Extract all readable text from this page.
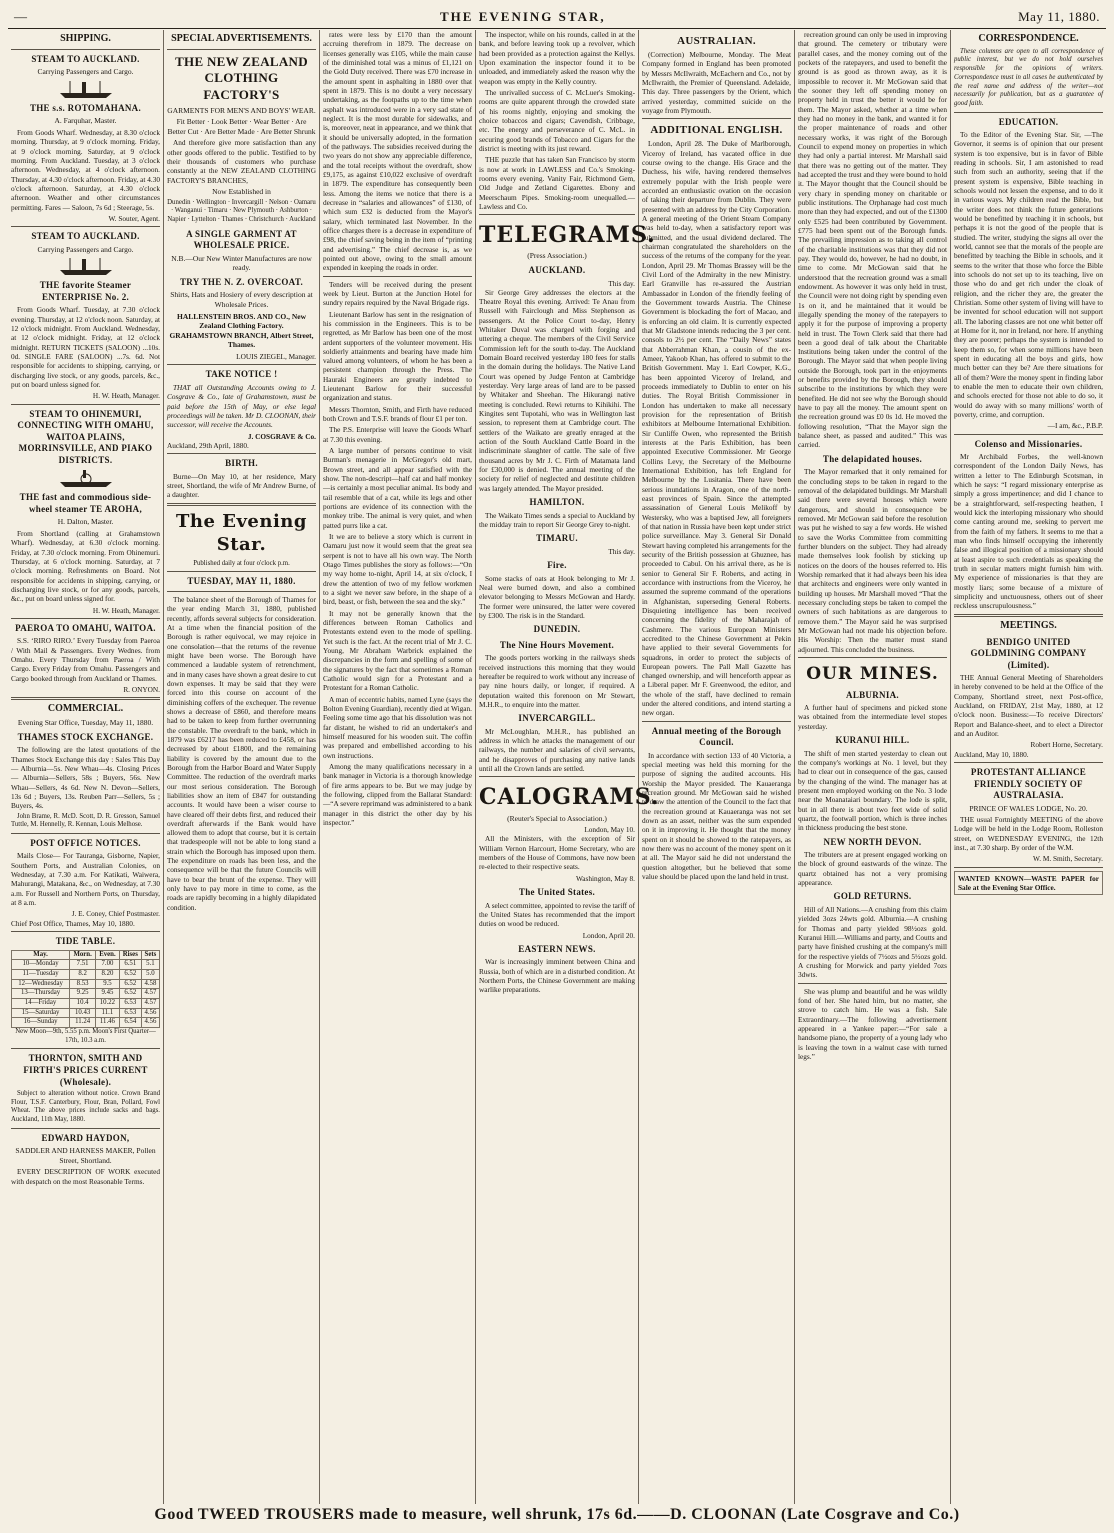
—	THE EVENING STAR,	May 11, 1880.
SHIPPING.
STEAM TO AUCKLAND.
Carrying Passengers and Cargo.
THE s.s. ROTOMAHANA.
A. Farquhar, Master.

From Goods Wharf. Wednesday, at 8.30 o'clock morning. Thursday, at 9 o'clock morning. Friday, at 9 o'clock morning. Saturday, at 9 o'clock morning. From Auckland. Tuesday, at 3 o'clock afternoon. Wednesday, at 4 o'clock afternoon. Thursday, at 4.30 o'clock afternoon. Friday, at 4.30 o'clock afternoon. Saturday, at 4.30 o'clock afternoon. Weather and other circumstances permitting. Fares — Saloon, 7s 6d ; Steerage, 5s.

W. Souter, Agent.
STEAM TO AUCKLAND.
Carrying Passengers and Cargo.
THE favorite Steamer ENTERPRISE No. 2.

From Goods Wharf. Tuesday, at 7.30 o'clock evening. Thursday, at 12 o'clock noon. Saturday, at 12 o'clock midnight. From Auckland. Wednesday, at 12 o'clock midnight. Friday, at 12 o'clock midnight. RETURN TICKETS (SALOON) ...10s. 0d. SINGLE FARE (SALOON) ...7s. 6d. Not responsible for accidents to shipping, carrying, or discharging live stock, or any goods, parcels, &c., put on board unless signed for.

H. W. Heath, Manager.
STEAM TO OHINEMURI, CONNECTING WITH OMAHU, WAITOA PLAINS, MORRINSVILLE, AND PIAKO DISTRICTS.
THE fast and commodious side-wheel steamer TE AROHA,
H. Dalton, Master.

From Shortland (calling at Grahamstown Wharf). Wednesday, at 6.30 o'clock morning. Friday, at 7.30 o'clock morning. From Ohinemuri. Thursday, at 6 o'clock morning. Saturday, at 7 o'clock morning. Refreshments on Board. Not responsible for accidents in shipping, carrying, or discharging live stock, or for any goods, parcels, &c., put on board unless signed for.

H. W. Heath, Manager.
PAEROA TO OMAHU, WAITOA.

S.S. ‘RIRO RIRO.’ Every Tuesday from Paeroa / With Mail & Passengers. Every Wednes. from Omahu. Every Thursday from Paeroa / With Cargo. Every Friday from Omahu. Passengers and Cargo booked through from Auckland or Thames.

R. ONYON.
COMMERCIAL.
Evening Star Office, Tuesday, May 11, 1880.
THAMES STOCK EXCHANGE.

The following are the latest quotations of the Thames Stock Exchange this day : Sales This Day— Alburnia—5s. New Whau—4s. Closing Prices— Alburnia—Sellers, 58s ; Buyers, 56s. New Whau—Sellers, 4s 6d. New N. Devon—Sellers, 13s 6d ; Buyers, 13s. Reuben Parr—Sellers, 5s ; Buyers, 4s.

John Brame, R. McD. Scott, D. R. Gresson, Samuel Tuttle, M. Hennelly, R. Kennan, Louis Melhose.

POST OFFICE NOTICES.

Mails Close— For Tauranga, Gisborne, Napier, Southern Ports, and Australian Colonies, on Wednesday, at 7.30 a.m. For Katikati, Waiwera, Mahurangi, Matakana, &c., on Wednesday, at 7.30 a.m. For Russell and Northern Ports, on Thursday, at 8 a.m.

J. E. Coney, Chief Postmaster.
Chief Post Office, Thames, May 10, 1880.
TIDE TABLE.
May.	Morn.	Even.	Rises	Sets
10—Monday	7.51	7.00	6.51	5.1
11—Tuesday	8.2	8.20	6.52	5.0
12—Wednesday	8.53	9.5	6.52	4.58
13—Thursday	9.25	9.45	6.52	4.57
14—Friday	10.4	10.22	6.53	4.57
15—Saturday	10.43	11.1	6.53	4.56
16—Sunday	11.24	11.46	6.54	4.56
New Moon—9th, 5.55 p.m. Moon's First Quarter—17th, 10.3 a.m.
THORNTON, SMITH AND FIRTH'S PRICES CURRENT (Wholesale).

Subject to alteration without notice. Crown Brand Flour, T.S.F. Canterbury, Flour, Bran, Pollard, Fowl Wheat. The above prices include sacks and bags. Auckland, 11th May, 1880.

EDWARD HAYDON,
SADDLER AND HARNESS MAKER, Pollen Street, Shortland.

EVERY DESCRIPTION OF WORK executed with despatch on the most Reasonable Terms.

SPECIAL ADVERTISEMENTS.
THE NEW ZEALAND CLOTHING FACTORY'S
GARMENTS FOR MEN'S AND BOYS' WEAR.
Fit Better · Look Better · Wear Better · Are Better Cut · Are Better Made · Are Better Shrunk

And therefore give more satisfaction than any other goods offered to the public. Testified to by their thousands of customers who purchase constantly at the NEW ZEALAND CLOTHING FACTORY'S BRANCHES,

Now Established in
Dunedin · Wellington · Invercargill · Nelson · Oamaru · Wanganui · Timaru · New Plymouth · Ashburton · Napier · Lyttelton · Thames · Christchurch · Auckland
A SINGLE GARMENT AT WHOLESALE PRICE.
N.B.—Our New Winter Manufactures are now ready.
TRY THE N. Z. OVERCOAT.
Shirts, Hats and Hosiery of every description at Wholesale Prices.
HALLENSTEIN BROS. AND CO., New Zealand Clothing Factory. GRAHAMSTOWN BRANCH, Albert Street, Thames.
LOUIS ZIEGEL, Manager.
TAKE NOTICE !

THAT all Outstanding Accounts owing to J. Cosgrave & Co., late of Grahamstown, must be paid before the 15th of May, or else legal proceedings will be taken. Mr D. CLOONAN, their successor, will receive the Accounts.

J. COSGRAVE & Co.
Auckland, 29th April, 1880.
BIRTH.

Burne—On May 10, at her residence, Mary street, Shortland, the wife of Mr Andrew Burne, of a daughter.

The Evening Star.
Published daily at four o'clock p.m.
TUESDAY, MAY 11, 1880.

The balance sheet of the Borough of Thames for the year ending March 31, 1880, published recently, affords several subjects for consideration. At a time when the financial position of the Borough is rather equivocal, we may rejoice in one consolation—that the returns of the revenue might have been worse. The Borough have commenced a laudable system of retrenchment, and in many cases have shown a great desire to cut down expenses. It may be said that they were forced into this course on account of the diminishing coffers of the exchequer. The revenue shows a decrease of £860, and therefore means had to be taken to keep from further overrunning the constable. The overdraft to the bank, which in 1879 was £6217 has been reduced to £458, or has decreased by about £1800, and the remaining liability is covered by the amount due to the Borough from the Harbor Board and Water Supply Committee. The reduction of the overdraft marks our most serious consideration. The Borough liabilities show an item of £847 for outstanding accounts. It would have been a wiser course to have cleared off their debts first, and reduced their overdraft afterwards if the Bank would have allowed them to adopt that course, but it is certain that tradespeople will not be able to long stand a strain which the Borough has imposed upon them. The expenditure on roads has been less, and the consequence will be that the future Councils will have to bear the brunt of the expense. They will only have to pay more in time to come, as the roads are rapidly becoming in a highly dilapidated condition.

rates were less by £170 than the amount accruing therefrom in 1879. The decrease on licenses generally was £105, while the main cause of the diminished total was a minus of £1,121 on the Gold Duty received. There was £70 increase in the amount spent in asphalting in 1880 over that spent in 1879. This is no doubt a very necessary undertaking, as the footpaths up to the time when asphalt was introduced were in a very sad state of neglect. It is the most durable for sidewalks, and is, moreover, neat in appearance, and we think that it should be universally adopted, in the formation of the pathways. The subsidies received during the two years do not show any appreciable difference, and the total receipts without the overdraft, show £9,175, as against £10,022 exclusive of overdraft in 1879. The expenditure has consequently been less. Among the items we notice that there is a decrease in “salaries and allowances” of £130, of which sum £32 is deducted from the Mayor's salary, which terminated last November. In the office charges there is a decrease in expenditure of £98, the chief saving being in the item of “printing and advertising.” The chief decrease is, as we pointed out above, owing to the small amount expended in keeping the roads in order.

Tenders will be received during the present week by Lieut. Burton at the Junction Hotel for sundry repairs required by the Naval Brigade rigs.

Lieutenant Barlow has sent in the resignation of his commission in the Engineers. This is to be regretted, as Mr Barlow has been one of the most ardent supporters of the volunteer movement. His soldierly attainments and bearing have made him valued among volunteers, of whom he has been a persistent champion through the Press. The Hauraki Engineers are greatly indebted to Lieutenant Barlow for their successful organization and status.

Messrs Thornton, Smith, and Firth have reduced both Crown and T.S.F. brands of flour £1 per ton.

The P.S. Enterprise will leave the Goods Wharf at 7.30 this evening.

A large number of persons continue to visit Burman's menagerie in McGregor's old mart, Brown street, and all appear satisfied with the show. The non-descript—half cat and half monkey—is certainly a most peculiar animal. Its body and tail resemble that of a cat, while its legs and other portions are evidence of its connection with the monkey tribe. The animal is very quiet, and when patted purrs like a cat.

It we are to believe a story which is current in Oamaru just now it would seem that the great sea serpent is not to have all his own way. The North Otago Times publishes the story as follows:—“On my way home to-night, April 14, at six o'clock, I drew the attention of two of my fellow workmen to a sight we never saw before, in the shape of a bird, beast, or fish, between the sea and the sky.”

It may not be generally known that the differences between Roman Catholics and Protestants extend even to the mode of spelling. Yet such is the fact. At the recent trial of Mr J. C. Young, Mr Abraham Warbrick explained the discrepancies in the form and spelling of some of the signatures by the fact that sometimes a Roman Catholic would sign for a Protestant and a Protestant for a Roman Catholic.

A man of eccentric habits, named Lyne (says the Bolton Evening Guardian), recently died at Wigan. Feeling some time ago that his dissolution was not far distant, he wished to rid an undertaker's and himself measured for his wooden suit. The coffin was prepared and embellished according to his own instructions.

Among the many qualifications necessary in a bank manager in Victoria is a thorough knowledge of fire arms appears to be. But we may judge by the following, clipped from the Ballarat Standard:—“A severe reprimand was administered to a bank manager in this district the other day by his inspector.”

The inspector, while on his rounds, called in at the bank, and before leaving took up a revolver, which had been provided as a protection against the Kellys. Upon examination the inspector found it to be unloaded, and immediately asked the reason why the weapon was empty in the Kelly country.

The unrivalled success of C. McLuer's Smoking-rooms are quite apparent through the crowded state of his rooms nightly, enjoying and smoking the choice tobaccos and cigars; Cavendish, Cribbage, etc. The energy and perseverance of C. McL. in securing good brands of Tobacco and Cigars for the district is meeting with its just reward.

THE puzzle that has taken San Francisco by storm is now at work in LAWLESS and Co.'s Smoking-rooms every evening. Vanity Fair, Richmond Gem, Old Judge and Zetland Cigarettes. Ebony and Meerschaum Pipes. Smoking-room unequalled.—Lawless and Co.

TELEGRAMS.
(Press Association.)
AUCKLAND.
This day.

Sir George Grey addresses the electors at the Theatre Royal this evening. Arrived: Te Anau from Russell with Fairclough and Miss Stephenson as passengers. At the Police Court to-day, Henry Whitaker Duval was charged with forging and uttering a cheque. The members of the Civil Service Commission left for the south to-day. The Auckland Domain Board received yesterday 180 fees for stalls in the domain during the holidays. The Native Land Court was opened by Judge Fenton at Cambridge yesterday. Very large areas of land are to be passed by Whitaker and Sheehan. The Hikurangi native meeting is concluded. Rewi returns to Kihikihi. The Kingites sent Tupotahi, who was in Wellington last session, to represent them at Cambridge court. The settlers of the Waikato are greatly enraged at the action of the South Auckland Cattle Board in the indiscriminate slaughter of cattle. The sale of five thousand acres by Mr J. C. Firth of Matamata land for £30,000 is denied. The annual meeting of the society for relief of neglected and destitute children was largely attended. The Mayor presided.

HAMILTON.

The Waikato Times sends a special to Auckland by the midday train to report Sir George Grey to-night.

TIMARU.
This day.
Fire.

Some stacks of oats at Hook belonging to Mr J. Neal were burned down, and also a combined elevator belonging to Messrs McGowan and Hardy. The former were uninsured, the latter were covered by £300. The risk is in the Standard.

DUNEDIN.
The Nine Hours Movement.

The goods porters working in the railways sheds received instructions this morning that they would hereafter be required to work without any increase of pay nine hours daily, or longer, if required. A deputation waited this forenoon on Mr Stewart, M.H.R., to enquire into the matter.

INVERCARGILL.

Mr McLoughlan, M.H.R., has published an address in which he attacks the management of our railways, the number and salaries of civil servants, and he disapproves of purchasing any native lands until all the Crown lands are settled.

CALOGRAMS.
(Reuter's Special to Association.)
London, May 10.

All the Ministers, with the exception of Sir William Vernon Harcourt, Home Secretary, who are members of the House of Commons, have now been re-elected to their respective seats.

Washington, May 8.
The United States.

A select committee, appointed to revise the tariff of the United States has recommended that the import duties on wood be reduced.

London, April 20.
EASTERN NEWS.

War is increasingly imminent between China and Russia, both of which are in a disturbed condition. At Northern Ports, the Chinese Government are making warlike preparations.

AUSTRALIAN.

(Correction) Melbourne, Monday. The Meat Company formed in England has been promoted by Messrs McIlwraith, McEachern and Co., not by McIlwraith, the Premier of Queensland. Adelaide, This day. Three passengers by the Orient, which arrived yesterday, committed suicide on the voyage from Plymouth.

ADDITIONAL ENGLISH.

London, April 28. The Duke of Marlborough, Viceroy of Ireland, has vacated office in due course owing to the change. His Grace and the Duchess, his wife, having rendered themselves extremely popular with the Irish people were accorded an enthusiastic ovation on the occasion of taking their departure from Dublin. They were presented with an address by the City Corporation. A general meeting of the Orient Steam Company was held to-day, when a satisfactory report was submitted, and the usual dividend declared. The chairman congratulated the shareholders on the success of the returns of the company for the year. London, April 29. Mr Thomas Brassey will be the Civil Lord of the Admiralty in the new Ministry. Earl Granville has re-assured the Austrian Ambassador in London of the friendly feeling of the Government towards Austria. The Chinese Government is blockading the fort of Macao, and is enforcing an old claim. It is currently expected that Mr Gladstone intends reducing the 3 per cent. consols to 2½ per cent. The “Daily News” states that Abberrahman Khan, a cousin of the ex-Ameer, Yakoob Khan, has offered to submit to the British Government. May 1. Earl Cowper, K.G., has been appointed Viceroy of Ireland, and proceeds immediately to Dublin to enter on his duties. The Royal British Commissioner in London has undertaken to make all necessary provision for the representation of British exhibitors at Melbourne International Exhibition. Sir Cunliffe Owen, who represented the British interests at the Paris Exhibition, has been appointed Executive Commissioner. Mr George Collins Levy, the Secretary of the Melbourne International Exhibition, has left England for Melbourne by the Lusitania. There have been serious inundations in Aragon, one of the north-east provinces of Spain. Since the attempted assassination of General Louis Melikoff by Westersky, who was a baptised Jew, all foreigners of that nation in Russia have been kept under strict police surveillance. May 3. General Sir Donald Stewart having completed his arrangements for the security of the British possession at Ghuznee, has proceeded to Cabul. On his arrival there, as he is senior to General Sir F. Roberts, and acting in accordance with instructions from the Viceroy, he assumed the supreme command of the operations in Afghanistan, superseding General Roberts. Disquieting intelligence has been received concerning the fidelity of the Maharajah of Cashmere. The various European Ministers accredited to the Chinese Government at Pekin have applied to their several Governments for squadrons, in order to protect the subjects of European powers. The Pall Mall Gazette has changed ownership, and will henceforth appear as a Liberal paper. Mr F. Greenwood, the editor, and the whole of the staff, have declined to remain under the altered conditions, and intend starting a new organ.

Annual meeting of the Borough Council.

In accordance with section 133 of 40 Victoria, a special meeting was held this morning for the purpose of signing the audited accounts. His Worship the Mayor presided. The Kauaeranga recreation ground. Mr McGowan said he wished to draw the attention of the Council to the fact that the recreation ground at Kauaeranga was not set down as an asset, neither was the sum expended on it in improving it. He thought that the money spent on it should be showed to the ratepayers, as now there was no account of the money spent on it at all. The Mayor said he did not understand the question altogether, but he believed that some value should be placed upon the land held in trust.

recreation ground can only be used in improving that ground. The cemetery or tributary were parallel cases, and the money coming out of the pockets of the ratepayers, and used to benefit the ground is as good as thrown away, as it is impossible to recover it. Mr McGowan said that the sooner they left off spending money on property held in trust the better it would be for them. The Mayor asked, whether at a time when they had no money in the bank, and wanted it for the proper maintenance of roads and other necessary works, it was right of the Borough Council to expend money on properties in which they had only a partial interest. Mr Marshall said that there was no getting out of the matter. They had accepted the trust and they were bound to hold it. The Mayor thought that the Council should be very chary in spending money on charitable or public institutions. The Orphanage had cost much more than they had expected, and out of the £1300 only £525 had been contributed by Government. £775 had been spent out of the Borough funds. The prevailing impression as to taking all control of the charitable institutions was that they did not pay. They would do, however, he had no doubt, in time to come. Mr McGowan said that he understood that the recreation ground was a small endowment. As however it was only held in trust, the Council were not doing right by spending even 1s on it, and he maintained that it would be illegally spending the money of the ratepayers to apply it for the purpose of improving a property held in trust. The Town Clerk said that there had been a good deal of talk about the Charitable Institutions being taken under the control of the Borough. The Mayor said that when people living outside the Borough, took part in the enjoyments or benefits provided by the Borough, they should subscribe to the institutions by which they were benefited. He did not see why the Borough should have to pay all the money. The amount spent on the recreation ground was £0 0s 1d. He moved the following resolution, “That the Mayor sign the balance sheet, as passed and audited.” This was carried.

The delapidated houses.

The Mayor remarked that it only remained for the concluding steps to be taken in regard to the removal of the delapidated buildings. Mr Marshall said there were several houses which were dangerous, and should in consequence be removed. Mr McGowan said before the resolution was put he wished to say a few words. He wished to save the Works Committee from committing further blunders on the subject. They had already made themselves look foolish by sticking up notices on the doors of the houses referred to. His Worship remarked that it had always been his idea that architects and engineers were only wanted in building up houses. Mr Marshall moved “That the necessary concluding steps be taken to compel the owners of such habitations as are dangerous to remove them.” The Mayor said he was surprised Mr McGowan had not made his objection before. His Worship: Then the matter must stand adjourned. This concluded the business.

OUR MINES.
ALBURNIA.

A further haul of specimens and picked stone was obtained from the intermediate level stopes yesterday.

KURANUI HILL.

The shift of men started yesterday to clean out the company's workings at No. 1 level, but they had to clear out in consequence of the gas, caused by the changing of the wind. The manager has at present men employed working on the No. 3 lode near the Moanataiari boundary. The lode is split, but in all there is about two feet wide of solid quartz, the footwall portion, which is three inches in thickness producing the best stone.

NEW NORTH DEVON.

The tributers are at present engaged working on the block of ground eastwards of the winze. The quartz obtained has not a very promising appearance.

GOLD RETURNS.

Hill of All Nations.—A crushing from this claim yielded 3ozs 24wts gold. Alburnia.—A crushing for Thomas and party yielded 98½ozs gold. Kuranui Hill.—Williams and party, and Coutts and party have finished crushing at the company's mill for the respective yields of 7½ozs and 5½ozs gold. A crushing for Morwick and party yielded 7ozs 3dwts.

She was plump and beautiful and he was wildly fond of her. She hated him, but no matter, she strove to catch him. He was a fish. Sale Extraordinary.—The following advertisement appeared in a Yankee paper:—“For sale a handsome piano, the property of a young lady who is leaving the town in a walnut case with turned legs.”

CORRESPONDENCE.

These columns are open to all correspondence of public interest, but we do not hold ourselves responsible for the opinions of writers. Correspondence must in all cases be authenticated by the real name and address of the writer—not necessarily for publication, but as a guarantee of good faith.

EDUCATION.

To the Editor of the Evening Star. Sir, —The Governor, it seems is of opinion that our present system is too expensive, but is in favor of Bible reading in schools. Sir, I am astonished to read such from such an authority, seeing that if the present system is expensive, Bible teaching in schools would not lessen the expense, and to do it in various ways. My children read the Bible, but the writer does not think the future generations would be benefitted by teaching it in schools, but perhaps it is not the good of the people that is studied. The writer, studying the signs all over the world, cannot see that the morals of the people are benefitted by teaching the Bible in schools, and it seems to the writer that those who force the Bible into schools do not set up to its teaching, live on those who do and get rich under the cloak of religion, and the richer they are, the greater the Christian. Some other system of living will have to be invented for school education will not support all. The laboring classes are not one whit better off at Home for it, nor in Ireland, nor here. If anything they are poorer; perhaps the system is intended to keep them so, for when some millions have been spent in educating all the boys and girls, how much better can they be? Are there situations for all of them? Were the money spent in finding labor to enable the men to educate their own children, and schools erected for those not able to do so, it would do away with so many millions' worth of poverty, crime, and corruption.

—I am, &c., P.B.P.
Colenso and Missionaries.

Mr Archibald Forbes, the well-known correspondent of the London Daily News, has written a letter to The Edinburgh Scotsman, in which he says: “I regard missionary enterprise as simply a gross impertinence; and did I chance to be a straightforward, self-respecting heathen, I would kick the interloping missionary who should come canting around me, seeking to pervert me from the faith of my fathers. It seems to me that a man who finds himself occupying the inherently false and illogical position of a missionary should at least aspire to such credentials as speaking the truth in secular matters might furnish him with. My experience of missionaries is that they are mostly liars; some because of a mixture of simplicity and unctuousness, others out of sheer reckless unscrupulousness.”

MEETINGS.
BENDIGO UNITED GOLDMINING COMPANY (Limited).

THE Annual General Meeting of Shareholders in hereby convened to be held at the Office of the Company, Shortland street, next Post-office, Auckland, on FRIDAY, 21st May, 1880, at 12 o'clock noon. Business:—To receive Directors' Report and Balance-sheet, and to elect a Director and an Auditor.

Robert Horne, Secretary.
Auckland, May 10, 1880.
PROTESTANT ALLIANCE FRIENDLY SOCIETY OF AUSTRALASIA.
PRINCE OF WALES LODGE, No. 20.

THE usual Fortnightly MEETING of the above Lodge will be held in the Lodge Room, Rolleston street, on WEDNESDAY EVENING, the 12th inst., at 7.30 sharp. By order of the W.M.

W. M. Smith, Secretary.
WANTED KNOWN—WASTE PAPER for Sale at the Evening Star Office.
Good TWEED TROUSERS made to measure, well shrunk, 17s 6d.——D. CLOONAN (Late Cosgrave and Co.)
